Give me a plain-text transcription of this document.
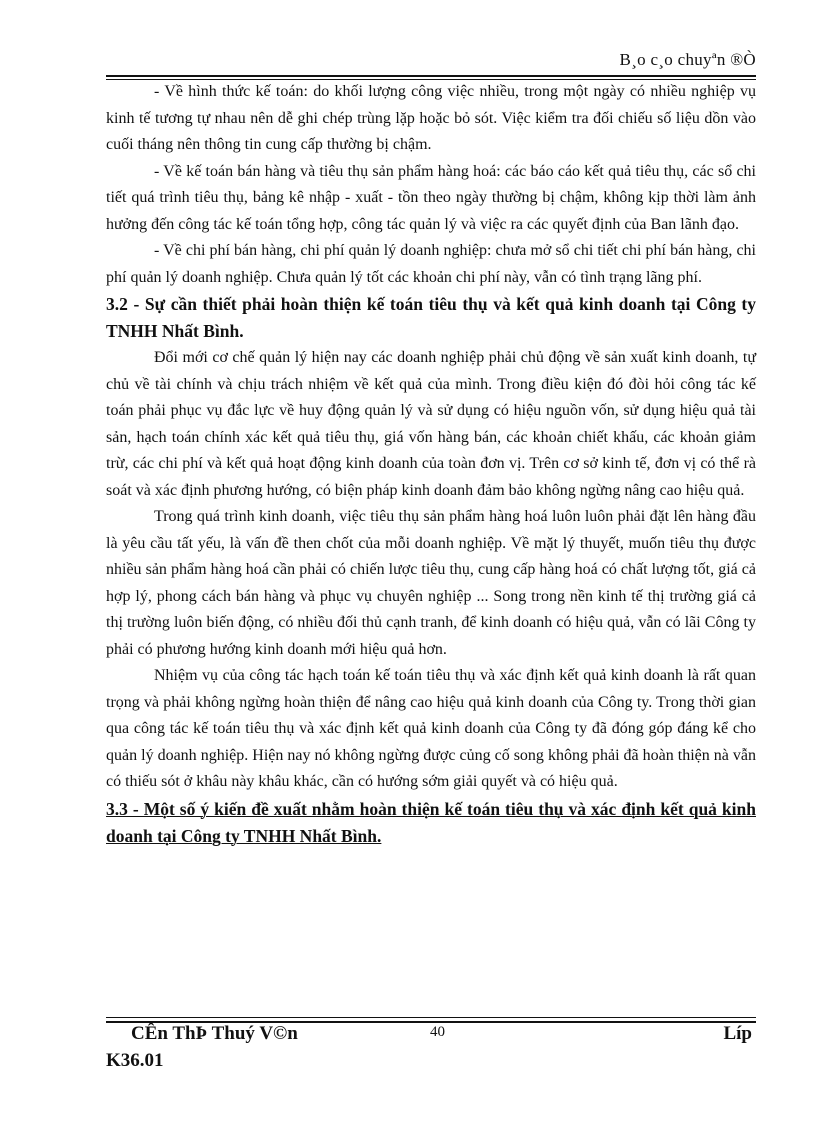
B¸o c¸o chuyªn ®Ò

- Về hình thức kế toán: do khối lượng công việc nhiều, trong một ngày có nhiều nghiệp vụ kinh tế tương tự nhau nên dễ ghi chép trùng lặp hoặc bỏ sót. Việc kiểm tra đối chiếu số liệu dồn vào cuối tháng nên thông tin cung cấp thường bị chậm.

- Về kế toán bán hàng và tiêu thụ sản phẩm hàng hoá: các báo cáo kết quả tiêu thụ, các sổ chi tiết quá trình tiêu thụ, bảng kê nhập - xuất - tồn theo ngày thường bị chậm, không kịp thời làm ảnh hưởng đến công tác kế toán tổng hợp, công tác quản lý và việc ra các quyết định của Ban lãnh đạo.

- Về chi phí bán hàng, chi phí quản lý doanh nghiệp: chưa mở sổ chi tiết chi phí bán hàng, chi phí quản lý doanh nghiệp. Chưa quản lý tốt các khoản chi phí này, vẫn có tình trạng lãng phí.

3.2 - Sự cần thiết phải hoàn thiện kế toán tiêu thụ và kết quả kinh doanh tại Công ty TNHH Nhất Bình.

Đổi mới cơ chế quản lý hiện nay các doanh nghiệp phải chủ động về sản xuất kinh doanh, tự chủ về tài chính và chịu trách nhiệm về kết quả của mình. Trong điều kiện đó đòi hỏi công tác kế toán phải phục vụ đắc lực về huy động quản lý và sử dụng có hiệu nguồn vốn, sử dụng hiệu quả tài sản, hạch toán chính xác kết quả tiêu thụ, giá vốn hàng bán, các khoản chiết khấu, các khoản giảm trừ, các chi phí và kết quả hoạt động kinh doanh của toàn đơn vị. Trên cơ sở kinh tế, đơn vị có thể rà soát và xác định phương hướng, có biện pháp kinh doanh đảm bảo không ngừng nâng cao hiệu quả.

Trong quá trình kinh doanh, việc tiêu thụ sản phẩm hàng hoá luôn luôn phải đặt lên hàng đầu là yêu cầu tất yếu, là vấn đề then chốt của mỗi doanh nghiệp. Về mặt lý thuyết, muốn tiêu thụ được nhiều sản phẩm hàng hoá cần phải có chiến lược tiêu thụ, cung cấp hàng hoá có chất lượng tốt, giá cả hợp lý, phong cách bán hàng và phục vụ chuyên nghiệp ... Song trong nền kinh tế thị trường giá cả thị trường luôn biến động, có nhiều đối thủ cạnh tranh, để kinh doanh có hiệu quả, vẫn có lãi Công ty phải có phương hướng kinh doanh mới hiệu quả hơn.

Nhiệm vụ của công tác hạch toán kế toán tiêu thụ và xác định kết quả kinh doanh là rất quan trọng và phải không ngừng hoàn thiện để nâng cao hiệu quả kinh doanh của Công ty. Trong thời gian qua công tác kế toán tiêu thụ và xác định kết quả kinh doanh của Công ty đã đóng góp đáng kể cho quản lý doanh nghiệp. Hiện nay nó không ngừng được củng cố song không phải đã hoàn thiện nà vẫn có thiếu sót ở khâu này khâu khác, cần có hướng sớm giải quyết và có hiệu quả.

3.3 - Một số ý kiến đề xuất nhằm hoàn thiện kế toán tiêu thụ và xác định kết quả kinh doanh tại Công ty TNHH Nhất Bình.

CÊn ThÞ Thuý V©n	40	Líp
K36.01
